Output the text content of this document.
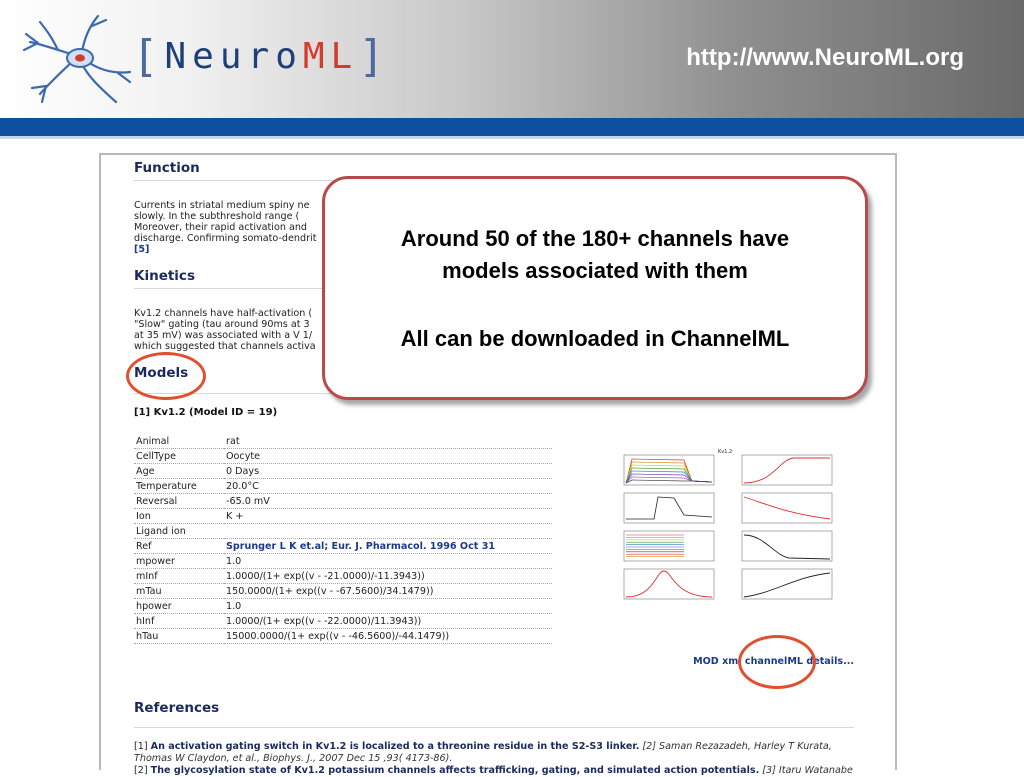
[ Neuro ML ]	http://www.NeuroML.org
Function
Currents in striatal medium spiny ne
slowly. In the subthreshold range (
Moreover, their rapid activation and
discharge. Confirming somato-dendrit
[5]
Kinetics
Kv1.2 channels have half-activation (
"Slow" gating (tau around 90ms at 3
at 35 mV) was associated with a V 1/
which suggested that channels activa
Models
[1] Kv1.2 (Model ID = 19)
Animal	rat
CellType	Oocyte
Age	0 Days
Temperature	20.0°C
Reversal	-65.0 mV
Ion	K +
Ligand ion	
Ref	Sprunger L K et.al; Eur. J. Pharmacol. 1996 Oct 31
mpower	1.0
mInf	1.0000/(1+ exp((v - -21.0000)/-11.3943))
mTau	150.0000/(1+ exp((v - -67.5600)/34.1479))
hpower	1.0
hInf	1.0000/(1+ exp((v - -22.0000)/11.3943))
hTau	15000.0000/(1+ exp((v - -46.5600)/-44.1479))
Kv1.2
MOD xml channelML details...
References
[1] An activation gating switch in Kv1.2 is localized to a threonine residue in the S2-S3 linker. [2] Saman Rezazadeh, Harley T Kurata,
Thomas W Claydon, et al., Biophys. J., 2007 Dec 15 ,93( 4173-86).
[2] The glycosylation state of Kv1.2 potassium channels affects trafficking, gating, and simulated action potentials. [3] Itaru Watanabe

Around 50 of the 180+ channels have

models associated with them

All can be downloaded in ChannelML
